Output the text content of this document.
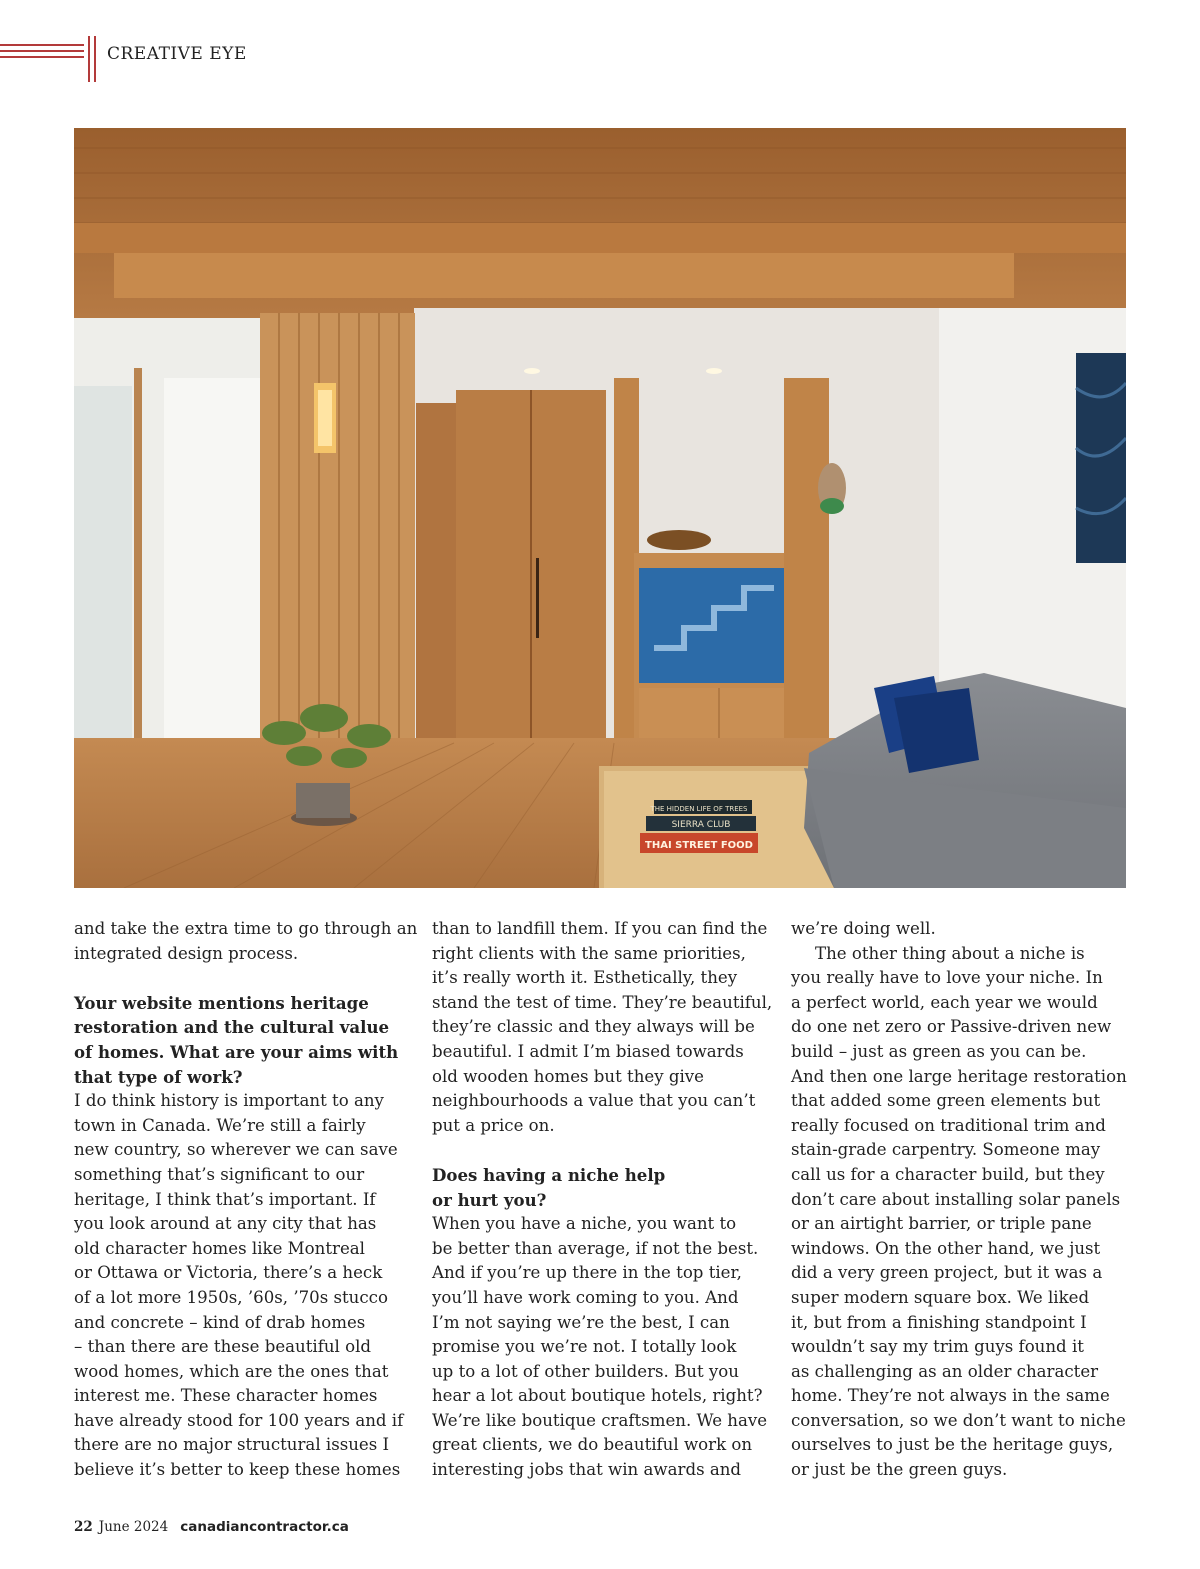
CREATIVE EYE
THE HIDDEN LIFE OF TREES
SIERRA CLUB
THAI STREET FOOD

and take the extra time to go through an
integrated design process.

Your website mentions heritage
restoration and the cultural value
of homes. What are your aims with
that type of work?

I do think history is important to any
town in Canada. We’re still a fairly
new country, so wherever we can save
something that’s significant to our
heritage, I think that’s important. If
you look around at any city that has
old character homes like Montreal
or Ottawa or Victoria, there’s a heck
of a lot more 1950s, ’60s, ’70s stucco
and concrete – kind of drab homes
– than there are these beautiful old
wood homes, which are the ones that
interest me. These character homes
have already stood for 100 years and if
there are no major structural issues I
believe it’s better to keep these homes

than to landfill them. If you can find the
right clients with the same priorities,
it’s really worth it. Esthetically, they
stand the test of time. They’re beautiful,
they’re classic and they always will be
beautiful. I admit I’m biased towards
old wooden homes but they give
neighbourhoods a value that you can’t
put a price on.

Does having a niche help
or hurt you?

When you have a niche, you want to
be better than average, if not the best.
And if you’re up there in the top tier,
you’ll have work coming to you. And
I’m not saying we’re the best, I can
promise you we’re not. I totally look
up to a lot of other builders. But you
hear a lot about boutique hotels, right?
We’re like boutique craftsmen. We have
great clients, we do beautiful work on
interesting jobs that win awards and

we’re doing well.

The other thing about a niche is
you really have to love your niche. In
a perfect world, each year we would
do one net zero or Passive-driven new
build – just as green as you can be.
And then one large heritage restoration
that added some green elements but
really focused on traditional trim and
stain-grade carpentry. Someone may
call us for a character build, but they
don’t care about installing solar panels
or an airtight barrier, or triple pane
windows. On the other hand, we just
did a very green project, but it was a
super modern square box. We liked
it, but from a finishing standpoint I
wouldn’t say my trim guys found it
as challenging as an older character
home. They’re not always in the same
conversation, so we don’t want to niche
ourselves to just be the heritage guys,
or just be the green guys.

22 June 2024 canadiancontractor.ca
